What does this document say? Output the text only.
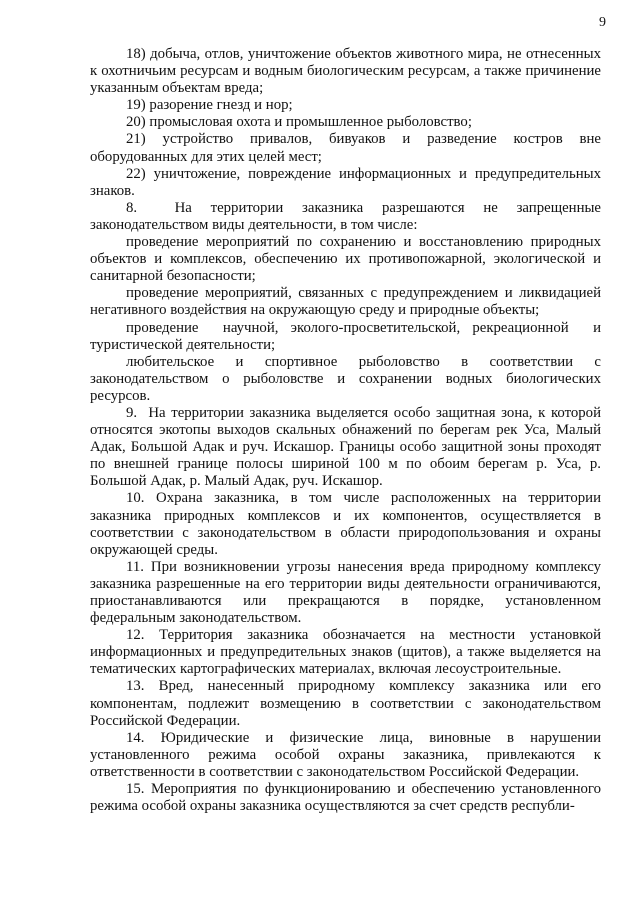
9

18) добыча, отлов, уничтожение объектов животного мира, не отнесенных к охотничьим ресурсам и водным биологическим ресурсам, а также причинение указанным объектам вреда;

19) разорение гнезд и нор;

20) промысловая охота и промышленное рыболовство;

21) устройство привалов, бивуаков и разведение костров вне оборудованных для этих целей мест;

22) уничтожение, повреждение информационных и предупредительных знаков.

8.  На территории заказника разрешаются не запрещенные законодательством виды деятельности, в том числе:

проведение мероприятий по сохранению и восстановлению природных объектов и комплексов, обеспечению их противопожарной, экологической и санитарной безопасности;

проведение мероприятий, связанных с предупреждением и ликвидацией негативного воздействия на окружающую среду и природные объекты;

проведение  научной, эколого-просветительской, рекреационной  и туристической деятельности;

любительское и спортивное рыболовство в соответствии с законодательством о рыболовстве и сохранении водных биологических ресурсов.

9.  На территории заказника выделяется особо защитная зона, к которой относятся экотопы выходов скальных обнажений по берегам рек Уса, Малый Адак, Большой Адак и руч. Искашор. Границы особо защитной зоны проходят по внешней границе полосы шириной 100 м по обоим берегам р. Уса, р. Большой Адак, р. Малый Адак, руч. Искашор.

10. Охрана заказника, в том числе расположенных на территории заказника природных комплексов и их компонентов, осуществляется в соответствии с законодательством в области природопользования и охраны окружающей среды.

11. При возникновении угрозы нанесения вреда природному комплексу заказника разрешенные на его территории виды деятельности ограничиваются, приостанавливаются или прекращаются в порядке, установленном федеральным законодательством.

12. Территория заказника обозначается на местности установкой информационных и предупредительных знаков (щитов), а также выделяется на тематических картографических материалах, включая лесоустроительные.

13. Вред, нанесенный природному комплексу заказника или его компонентам, подлежит возмещению в соответствии с законодательством Российской Федерации.

14. Юридические и физические лица, виновные в нарушении установленного режима особой охраны заказника, привлекаются к ответственности в соответствии с законодательством Российской Федерации.

15. Мероприятия по функционированию и обеспечению установленного режима особой охраны заказника осуществляются за счет средств республи-
